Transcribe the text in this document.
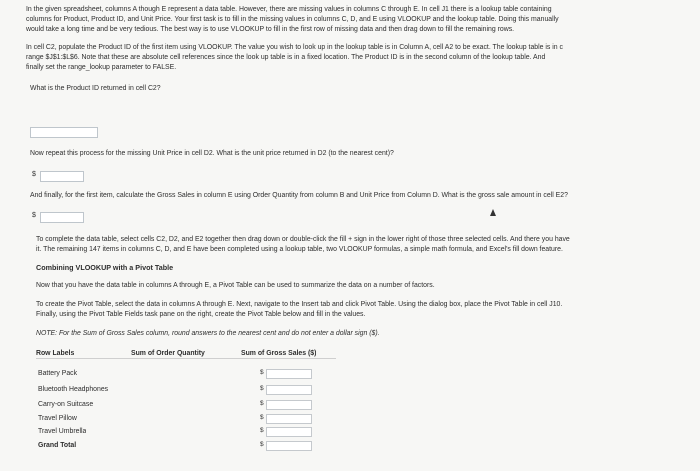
In the given spreadsheet, columns A though E represent a data table. However, there are missing values in columns C through E. In cell J1 there is a lookup table containing
columns for Product, Product ID, and Unit Price. Your first task is to fill in the missing values in columns C, D, and E using VLOOKUP and the lookup table. Doing this manually
would take a long time and be very tedious. The best way is to use VLOOKUP to fill in the first row of missing data and then drag down to fill the remaining rows.
In cell C2, populate the Product ID of the first item using VLOOKUP. The value you wish to look up in the lookup table is in Column A, cell A2 to be exact. The lookup table is in c
range $J$1:$L$6. Note that these are absolute cell references since the look up table is in a fixed location. The Product ID is in the second column of the lookup table. And
finally set the range_lookup parameter to FALSE.
What is the Product ID returned in cell C2?
Now repeat this process for the missing Unit Price in cell D2. What is the unit price returned in D2 (to the nearest cent)?
$
And finally, for the first item, calculate the Gross Sales in column E using Order Quantity from column B and Unit Price from Column D. What is the gross sale amount in cell E2?
$
To complete the data table, select cells C2, D2, and E2 together then drag down or double-click the fill + sign in the lower right of those three selected cells. And there you have
it. The remaining 147 items in columns C, D, and E have been completed using a lookup table, two VLOOKUP formulas, a simple math formula, and Excel's fill down feature.
Combining VLOOKUP with a Pivot Table
Now that you have the data table in columns A through E, a Pivot Table can be used to summarize the data on a number of factors.
To create the Pivot Table, select the data in columns A through E. Next, navigate to the Insert tab and click Pivot Table. Using the dialog box, place the Pivot Table in cell J10.
Finally, using the Pivot Table Fields task pane on the right, create the Pivot Table below and fill in the values.
NOTE: For the Sum of Gross Sales column, round answers to the nearest cent and do not enter a dollar sign ($).
Row Labels	Sum of Order Quantity	Sum of Gross Sales ($)
Battery Pack
Bluetooth Headphones
Carry-on Suitcase
Travel Pillow
Travel Umbrella
Grand Total
$
$
$
$
$
$
